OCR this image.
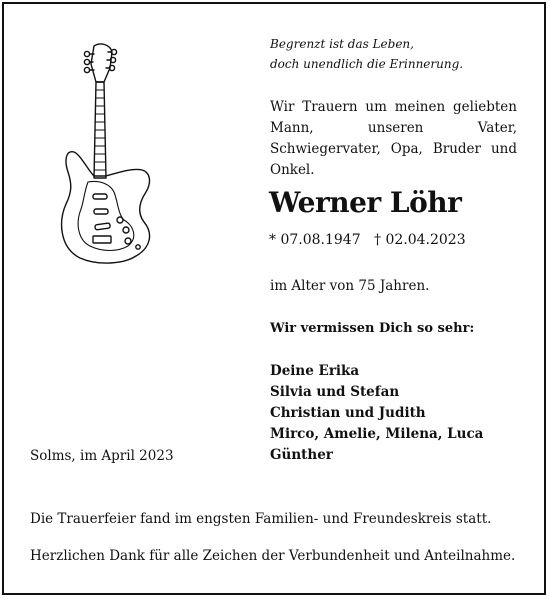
Begrenzt ist das Leben,
doch unendlich die Erinnerung.
Wir Trauern um meinen geliebten Mann, unseren Vater, Schwiegervater, Opa, Bruder und Onkel.
Werner Löhr
* 07.08.1947 † 02.04.2023
im Alter von 75 Jahren.
Wir vermissen Dich so sehr:
Deine Erika
Silvia und Stefan
Christian und Judith
Mirco, Amelie, Milena, Luca
Günther
Solms, im April 2023
Die Trauerfeier fand im engsten Familien- und Freundeskreis statt.
Herzlichen Dank für alle Zeichen der Verbundenheit und Anteilnahme.
